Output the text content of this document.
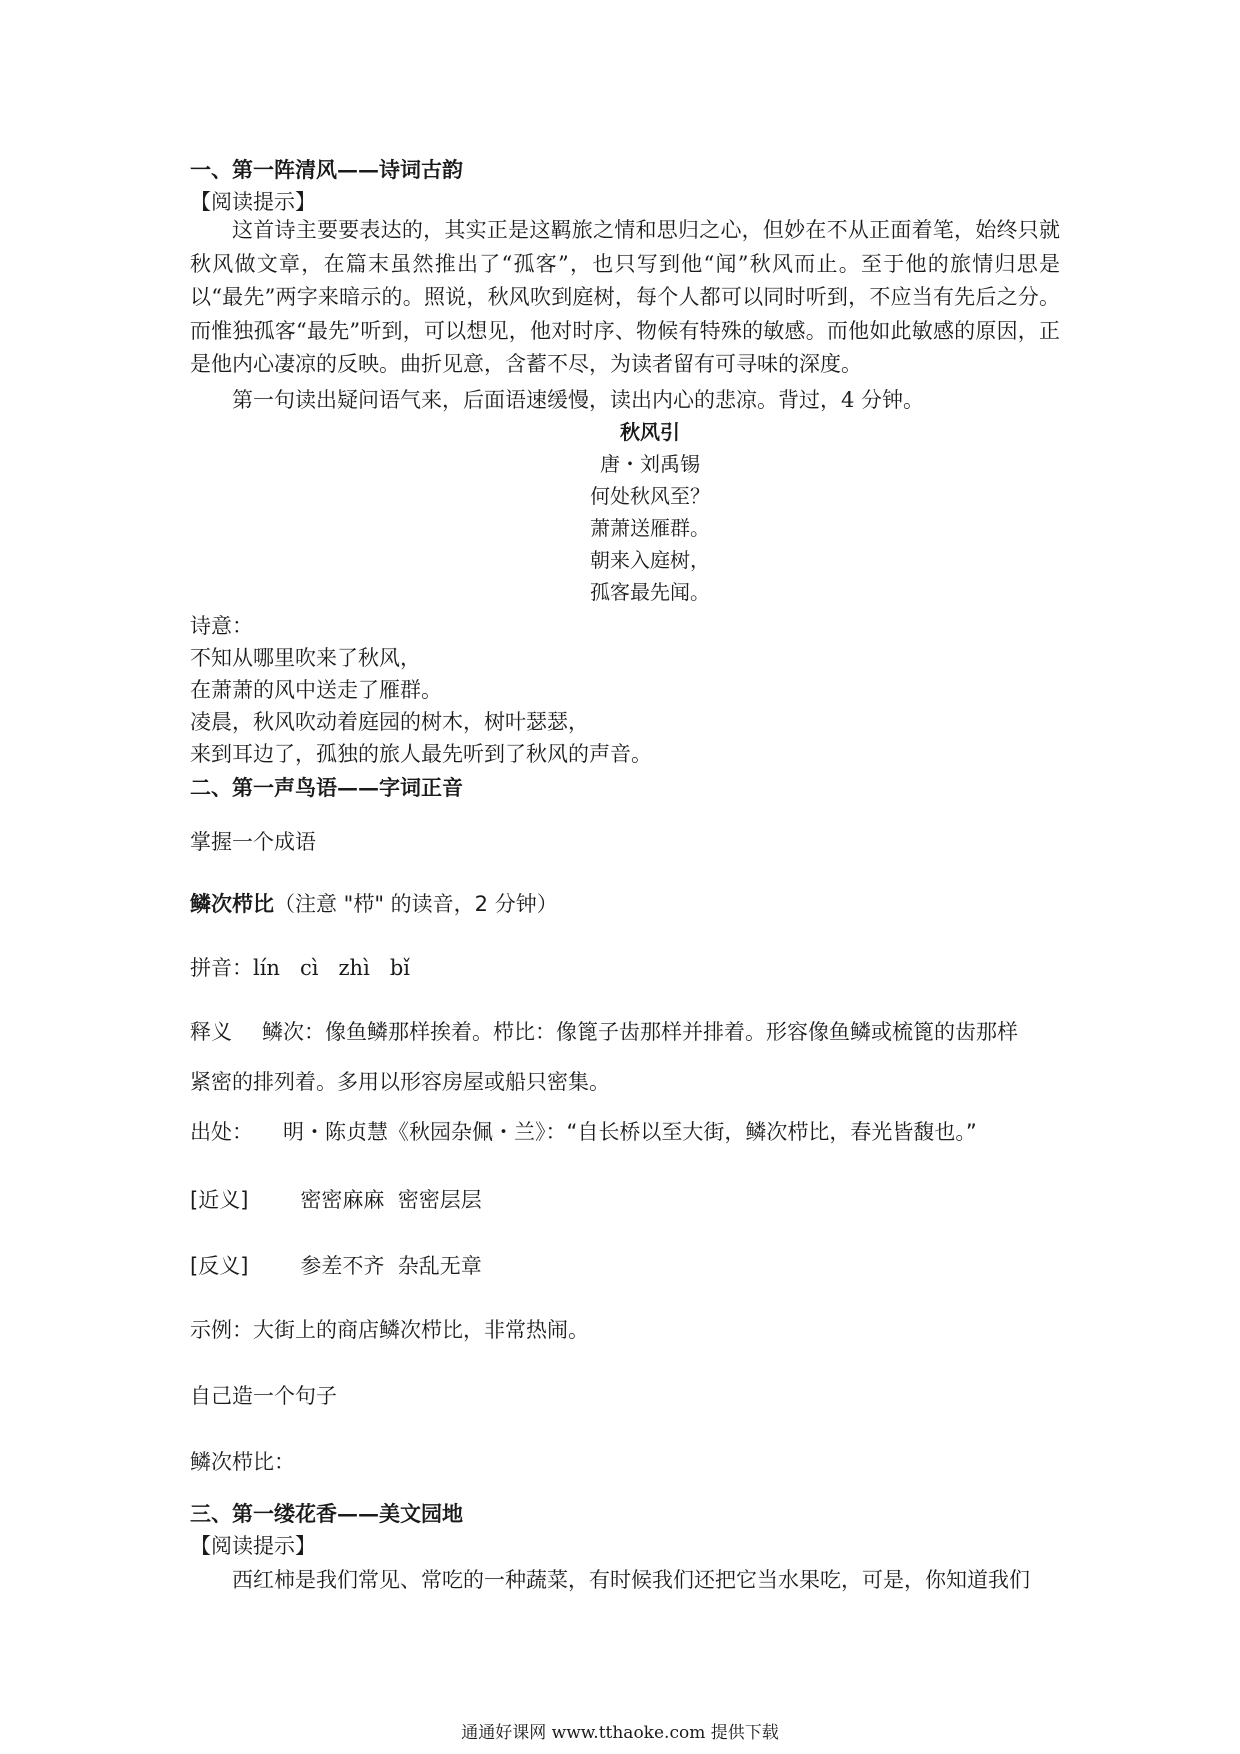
一、第一阵清风——诗词古韵
【阅读提示】
这首诗主要要表达的，其实正是这羁旅之情和思归之心，但妙在不从正面着笔，始终只就秋风做文章，在篇末虽然推出了“孤客”，也只写到他“闻”秋风而止。至于他的旅情归思是以“最先”两字来暗示的。照说，秋风吹到庭树，每个人都可以同时听到，不应当有先后之分。而惟独孤客“最先”听到，可以想见，他对时序、物候有特殊的敏感。而他如此敏感的原因，正是他内心凄凉的反映。曲折见意，含蓄不尽，为读者留有可寻味的深度。
第一句读出疑问语气来，后面语速缓慢，读出内心的悲凉。背过，4 分钟。
秋风引
唐・刘禹锡
何处秋风至？
萧萧送雁群。
朝来入庭树，
孤客最先闻。
诗意：
不知从哪里吹来了秋风，
在萧萧的风中送走了雁群。
凌晨，秋风吹动着庭园的树木，树叶瑟瑟，
来到耳边了，孤独的旅人最先听到了秋风的声音。
二、第一声鸟语——字词正音
掌握一个成语
鳞次栉比（注意 "栉" 的读音，2 分钟）
拼音：lín   cì   zhì   bǐ
释义 鳞次：像鱼鳞那样挨着。栉比：像篦子齿那样并排着。形容像鱼鳞或梳篦的齿那样
紧密的排列着。多用以形容房屋或船只密集。
出处： 明・陈贞慧《秋园杂佩・兰》：“自长桥以至大街，鳞次栉比，春光皆馥也。”
[近义] 密密麻麻  密密层层
[反义] 参差不齐  杂乱无章
示例：大街上的商店鳞次栉比，非常热闹。
自己造一个句子
鳞次栉比：
三、第一缕花香——美文园地
【阅读提示】
西红柿是我们常见、常吃的一种蔬菜，有时候我们还把它当水果吃，可是，你知道我们
通通好课网 www.tthaoke.com 提供下载
